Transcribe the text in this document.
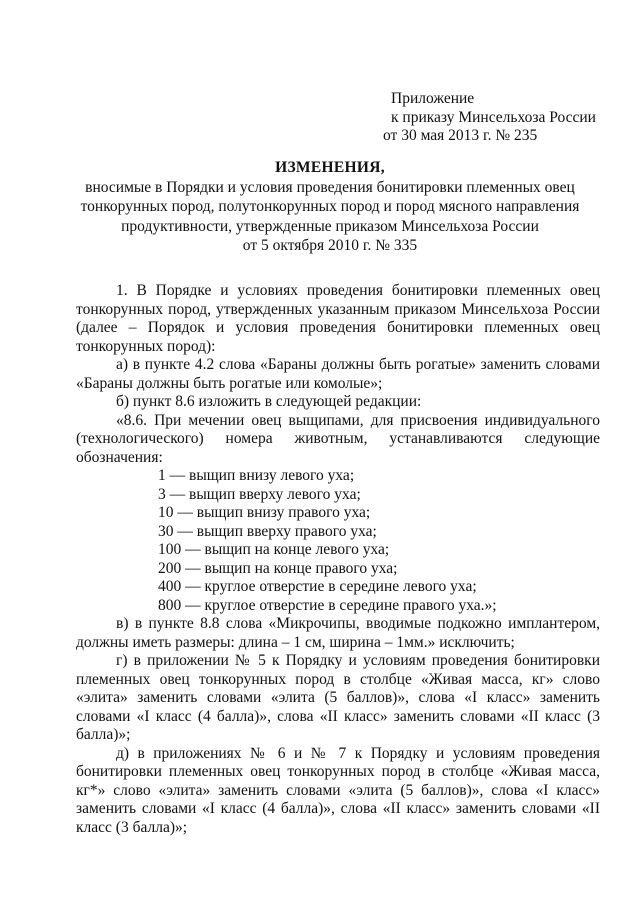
Приложение
к приказу Минсельхоза России
от 30 мая 2013 г. № 235
ИЗМЕНЕНИЯ,
вносимые в Порядки и условия проведения бонитировки племенных овец
тонкорунных пород, полутонкорунных пород и пород мясного направления
продуктивности, утвержденные приказом Минсельхоза России
от 5 октября 2010 г. № 335

1. В Порядке и условиях проведения бонитировки племенных овец тонкорунных пород, утвержденных указанным приказом Минсельхоза России (далее – Порядок и условия проведения бонитировки племенных овец тонкорунных пород):

а) в пункте 4.2 слова «Бараны должны быть рогатые» заменить словами «Бараны должны быть рогатые или комолые»;

б) пункт 8.6 изложить в следующей редакции:

«8.6. При мечении овец выщипами, для присвоения индивидуального (технологического) номера животным, устанавливаются следующие обозначения:

1 — выщип внизу левого уха;
3 — выщип вверху левого уха;
10 — выщип внизу правого уха;
30 — выщип вверху правого уха;
100 — выщип на конце левого уха;
200 — выщип на конце правого уха;
400 — круглое отверстие в середине левого уха;
800 — круглое отверстие в середине правого уха.»;

в) в пункте 8.8 слова «Микрочипы, вводимые подкожно имплантером, должны иметь размеры: длина – 1 см, ширина – 1мм.» исключить;

г) в приложении № 5 к Порядку и условиям проведения бонитировки племенных овец тонкорунных пород в столбце «Живая масса, кг» слово «элита» заменить словами «элита (5 баллов)», слова «I класс» заменить словами «I класс (4 балла)», слова «II класс» заменить словами «II класс (3 балла)»;

д) в приложениях № 6 и № 7 к Порядку и условиям проведения бонитировки племенных овец тонкорунных пород в столбце «Живая масса, кг*» слово «элита» заменить словами «элита (5 баллов)», слова «I класс» заменить словами «I класс (4 балла)», слова «II класс» заменить словами «II класс (3 балла)»;
